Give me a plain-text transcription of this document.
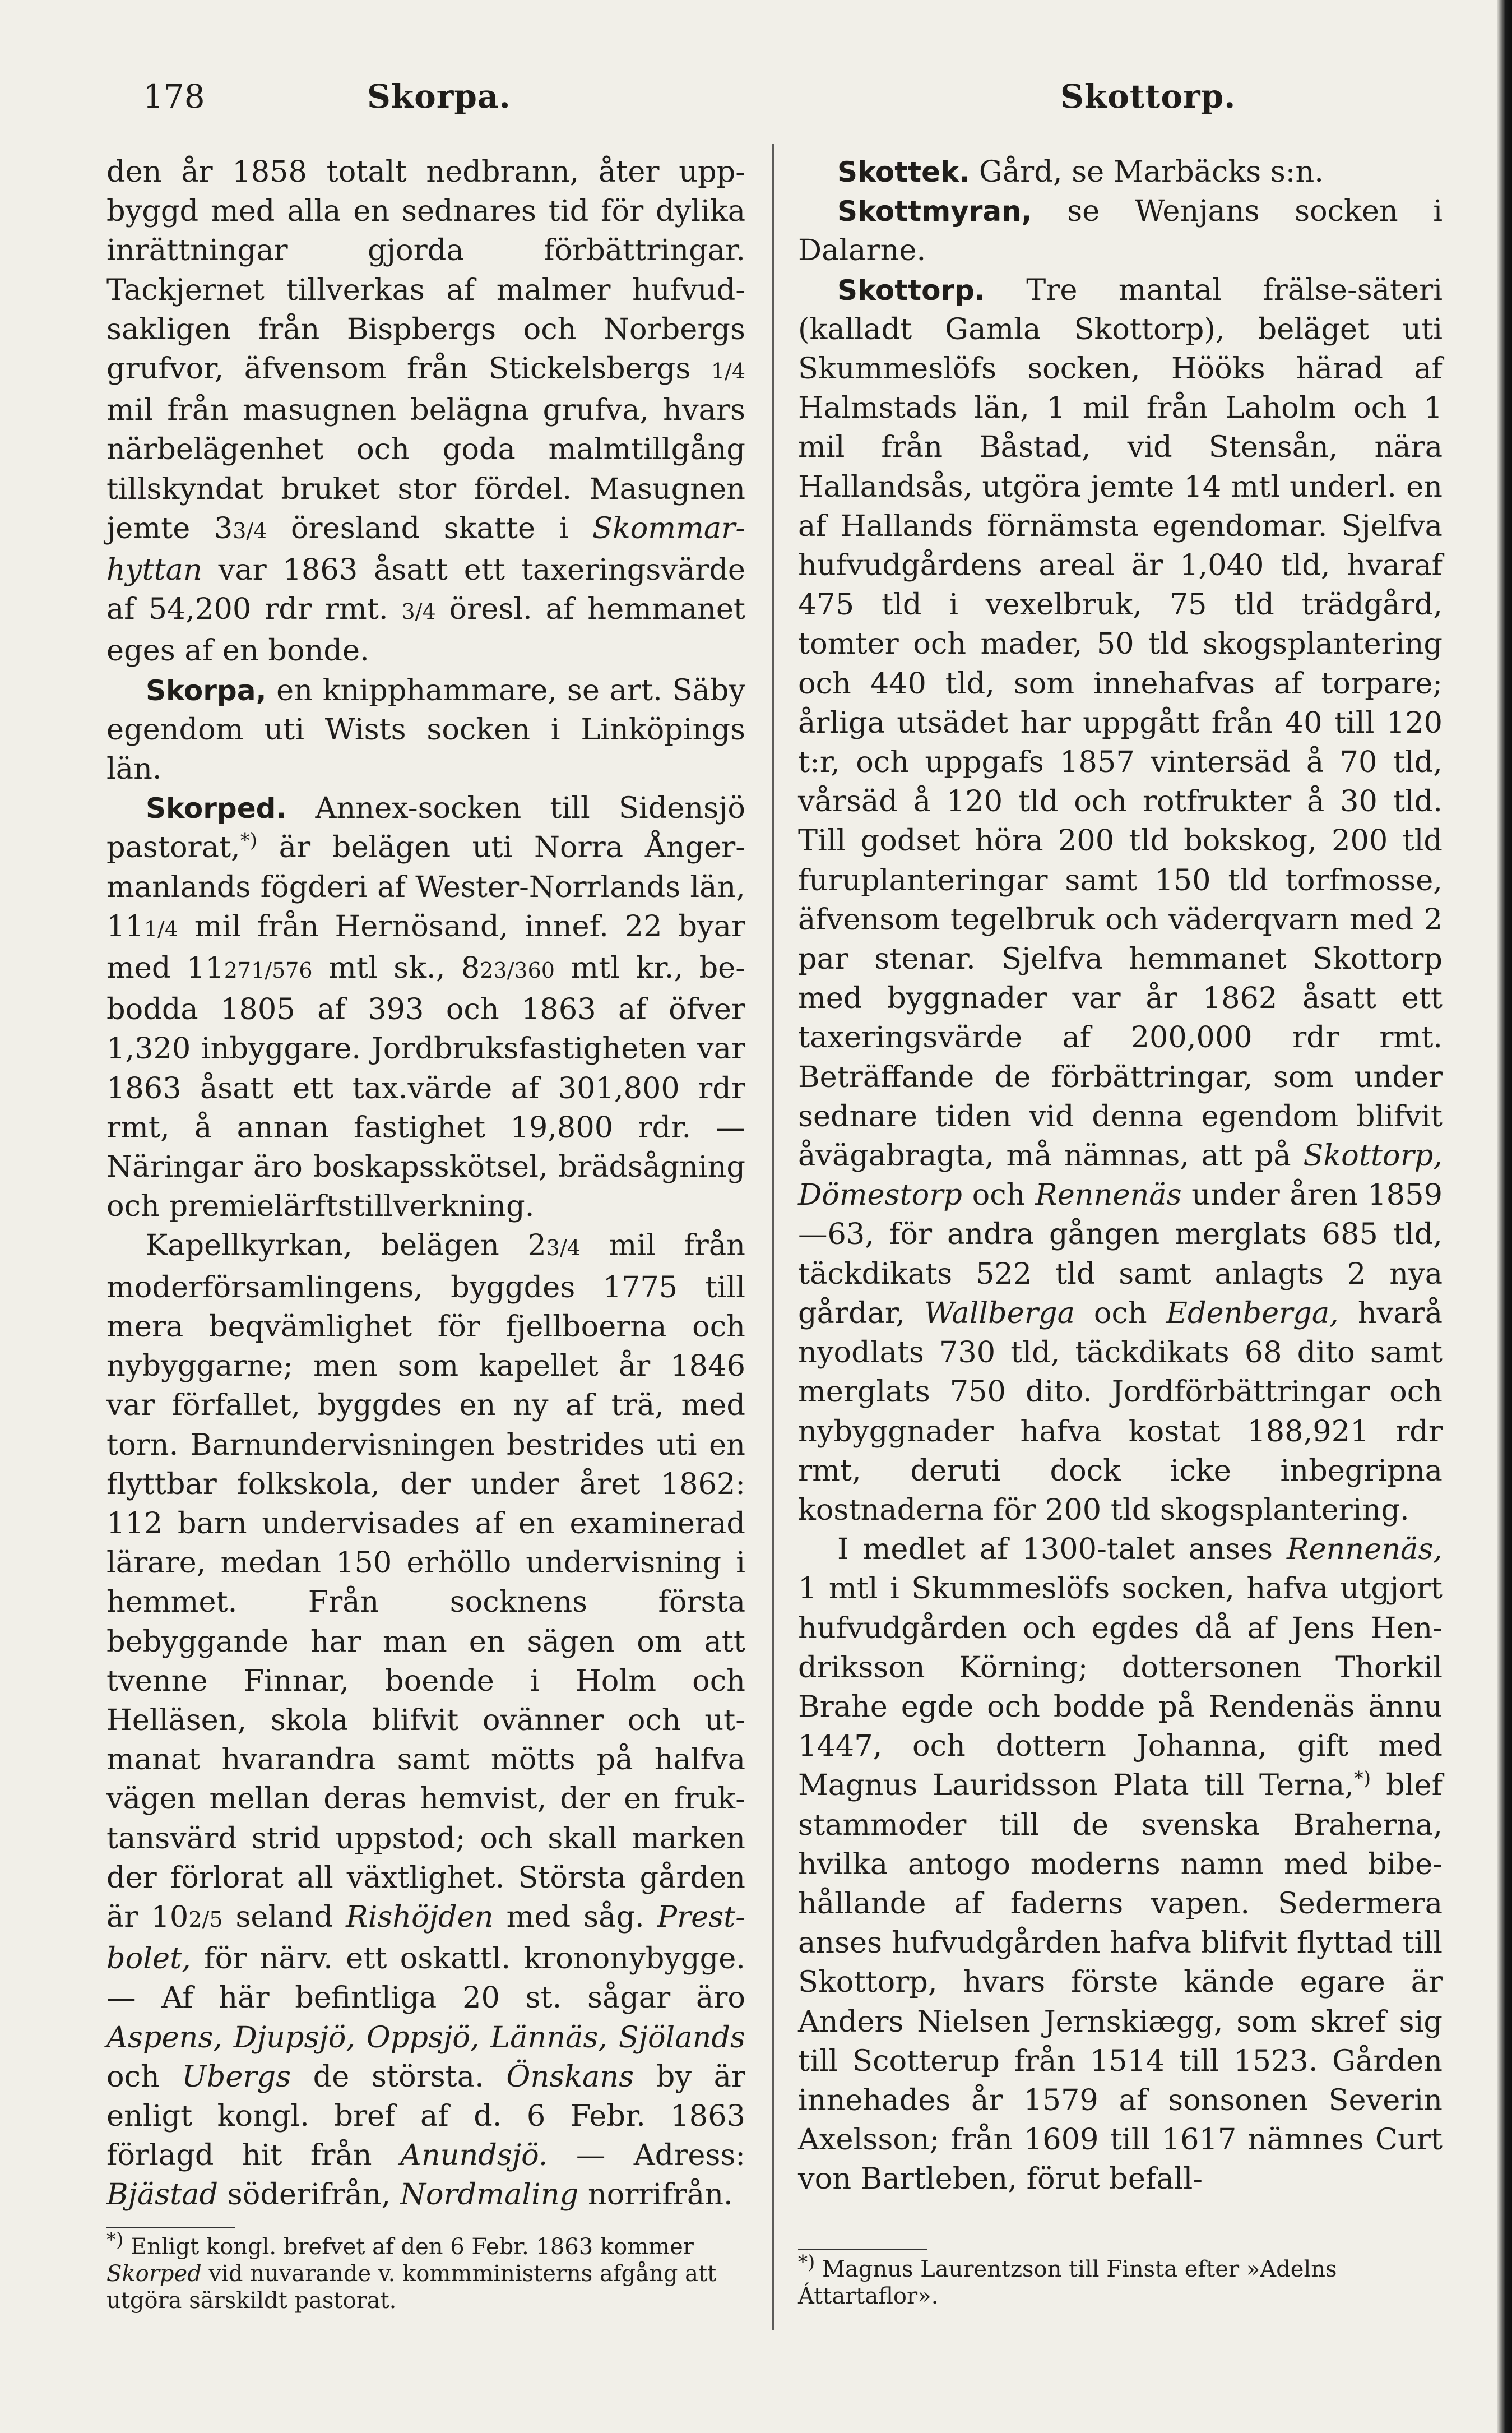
178	Skorpa.	Skottorp.

den år 1858 totalt nedbrann, åter uppbyggd med alla en sednares tid för dylika inrättningar gjorda förbättringar. Tackjernet tillverkas af malmer hufvudsakligen från Bispbergs och Norbergs grufvor, äfvensom från Stickelsbergs 1/4 mil från masugnen belägna grufva, hvars närbelägenhet och goda malmtillgång tillskyndat bruket stor fördel. Masugnen jemte 33/4 öresland skatte i Skommarhyttan var 1863 åsatt ett taxeringsvärde af 54,200 rdr rmt. 3/4 öresl. af hemmanet eges af en bonde.

Skorpa, en knipphammare, se art. Säby egendom uti Wists socken i Linköpings län.

Skorped. Annex-socken till Sidensjö pastorat,*) är belägen uti Norra Ångermanlands fögderi af Wester-Norrlands län, 111/4 mil från Hernösand, innef. 22 byar med 11271/576 mtl sk., 823/360 mtl kr., bebodda 1805 af 393 och 1863 af öfver 1,320 inbyggare. Jordbruksfastigheten var 1863 åsatt ett tax.värde af 301,800 rdr rmt, å annan fastighet 19,800 rdr. — Näringar äro boskapsskötsel, brädsågning och premielärftstillverkning.

Kapellkyrkan, belägen 23/4 mil från moderförsamlingens, byggdes 1775 till mera beqvämlighet för fjellboerna och nybyggarne; men som kapellet år 1846 var förfallet, byggdes en ny af trä, med torn. Barnundervisningen bestrides uti en flyttbar folkskola, der under året 1862: 112 barn undervisades af en examinerad lärare, medan 150 erhöllo undervisning i hemmet. Från socknens första bebyggande har man en sägen om att tvenne Finnar, boende i Holm och Helläsen, skola blifvit ovänner och utmanat hvarandra samt mötts på halfva vägen mellan deras hemvist, der en fruktansvärd strid uppstod; och skall marken der förlorat all växtlighet. Största gården är 102/5 seland Rishöjden med såg. Prestbolet, för närv. ett oskattl. krononybygge. — Af här befintliga 20 st. sågar äro Aspens, Djupsjö, Oppsjö, Lännäs, Sjölands och Ubergs de största. Önskans by är enligt kongl. bref af d. 6 Febr. 1863 förlagd hit från Anundsjö. — Adress: Bjästad söderifrån, Nordmaling norrifrån.

*) Enligt kongl. brefvet af den 6 Febr. 1863 kommer Skorped vid nuvarande v. kommministerns afgång att utgöra särskildt pastorat.

Skottek. Gård, se Marbäcks s:n.

Skottmyran, se Wenjans socken i Dalarne.

Skottorp. Tre mantal frälse-säteri (kalladt Gamla Skottorp), beläget uti Skummeslöfs socken, Hööks härad af Halmstads län, 1 mil från Laholm och 1 mil från Båstad, vid Stensån, nära Hallandsås, utgöra jemte 14 mtl underl. en af Hallands förnämsta egendomar. Sjelfva hufvudgårdens areal är 1,040 tld, hvaraf 475 tld i vexelbruk, 75 tld trädgård, tomter och mader, 50 tld skogsplantering och 440 tld, som innehafvas af torpare; årliga utsädet har uppgått från 40 till 120 t:r, och uppgafs 1857 vintersäd å 70 tld, vårsäd å 120 tld och rotfrukter å 30 tld. Till godset höra 200 tld bokskog, 200 tld furuplanteringar samt 150 tld torfmosse, äfvensom tegelbruk och väderqvarn med 2 par stenar. Sjelfva hemmanet Skottorp med byggnader var år 1862 åsatt ett taxeringsvärde af 200,000 rdr rmt. Beträffande de förbättringar, som under sednare tiden vid denna egendom blifvit åvägabragta, må nämnas, att på Skottorp, Dömestorp och Rennenäs under åren 1859—63, för andra gången merglats 685 tld, täckdikats 522 tld samt anlagts 2 nya gårdar, Wallberga och Edenberga, hvarå nyodlats 730 tld, täckdikats 68 dito samt merglats 750 dito. Jordförbättringar och nybyggnader hafva kostat 188,921 rdr rmt, deruti dock icke inbegripna kostnaderna för 200 tld skogsplantering.

I medlet af 1300-talet anses Rennenäs, 1 mtl i Skummeslöfs socken, hafva utgjort hufvudgården och egdes då af Jens Hendriksson Körning; dottersonen Thorkil Brahe egde och bodde på Rendenäs ännu 1447, och dottern Johanna, gift med Magnus Lauridsson Plata till Terna,*) blef stammoder till de svenska Braherna, hvilka antogo moderns namn med bibehållande af faderns vapen. Sedermera anses hufvudgården hafva blifvit flyttad till Skottorp, hvars förste kände egare är Anders Nielsen Jernskiægg, som skref sig till Scotterup från 1514 till 1523. Gården innehades år 1579 af sonsonen Severin Axelsson; från 1609 till 1617 nämnes Curt von Bartleben, förut befall-

*) Magnus Laurentzson till Finsta efter »Adelns Áttartaflor».
